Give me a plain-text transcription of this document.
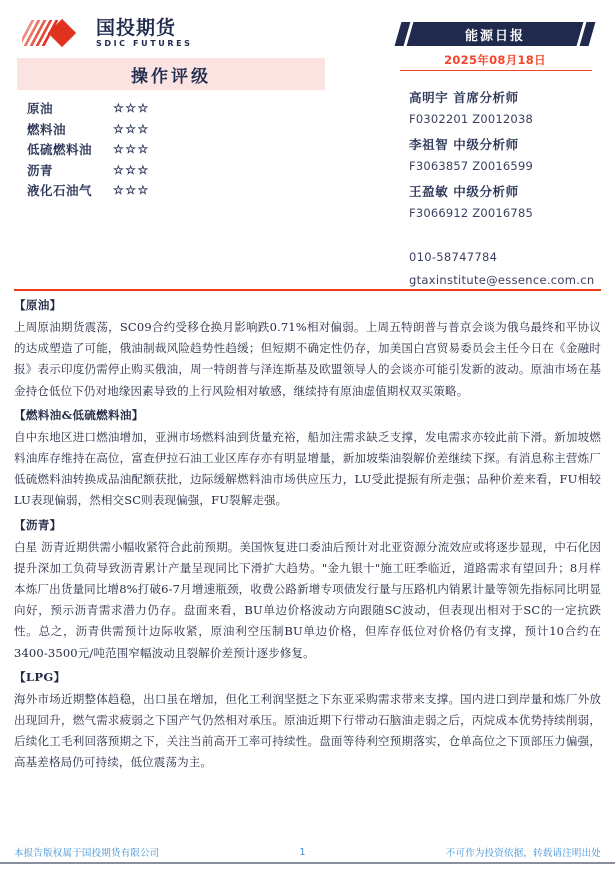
国投期货
SDIC FUTURES
操作评级
原油	☆☆☆
燃料油	☆☆☆
低硫燃料油	☆☆☆
沥青	☆☆☆
液化石油气	☆☆☆
能源日报
2025年08月18日
高明宇 首席分析师
F0302201 Z0012038
李祖智 中级分析师
F3063857 Z0016599
王盈敏 中级分析师
F3066912 Z0016785
010-58747784
gtaxinstitute@essence.com.cn

【原油】

上周原油期货震荡，SC09合约受移仓换月影响跌0.71%相对偏弱。上周五特朗普与普京会谈为俄乌最终和平协议的达成塑造了可能，俄油制裁风险趋势性趋缓；但短期不确定性仍存，加美国白宫贸易委员会主任今日在《金融时报》表示印度仍需停止购买俄油，周一特朗普与泽连斯基及欧盟领导人的会谈亦可能引发新的波动。原油市场在基金持仓低位下仍对地缘因素导致的上行风险相对敏感，继续持有原油虚值期权双买策略。

【燃料油&低硫燃料油】

自中东地区进口燃油增加，亚洲市场燃料油到货量充裕，船加注需求缺乏支撑，发电需求亦较此前下滑。新加坡燃料油库存维持在高位，富查伊拉石油工业区库存亦有明显增量，新加坡柴油裂解价差继续下探。有消息称主营炼厂低硫燃料油转换成品油配额获批，边际缓解燃料油市场供应压力，LU受此提振有所走强；品种价差来看，FU相较LU表现偏弱，然相交SC则表现偏强，FU裂解走强。

【沥青】

白星 沥青近期供需小幅收紧符合此前预期。美国恢复进口委油后预计对北亚资源分流效应或将逐步显现，中石化因提升深加工负荷导致沥青累计产量呈现同比下滑扩大趋势。"金九银十"施工旺季临近，道路需求有望回升；8月样本炼厂出货量同比增8%打破6-7月增速瓶颈，收费公路新增专项债发行量与压路机内销累计量等领先指标同比明显向好，预示沥青需求潜力仍存。盘面来看，BU单边价格波动方向跟随SC波动，但表现出相对于SC的一定抗跌性。总之，沥青供需预计边际收紧，原油利空压制BU单边价格，但库存低位对价格仍有支撑，预计10合约在3400-3500元/吨范围窄幅波动且裂解价差预计逐步修复。

【LPG】

海外市场近期整体趋稳，出口虽在增加，但化工利润坚挺之下东亚采购需求带来支撑。国内进口到岸量和炼厂外放出现回升，燃气需求疲弱之下国产气仍然相对承压。原油近期下行带动石脑油走弱之后，丙烷成本优势持续削弱，后续化工毛利回落预期之下，关注当前高开工率可持续性。盘面等待利空预期落实，仓单高位之下顶部压力偏强，高基差格局仍可持续，低位震荡为主。

本报告版权属于国投期货有限公司	1	不可作为投资依据，转载请注明出处
